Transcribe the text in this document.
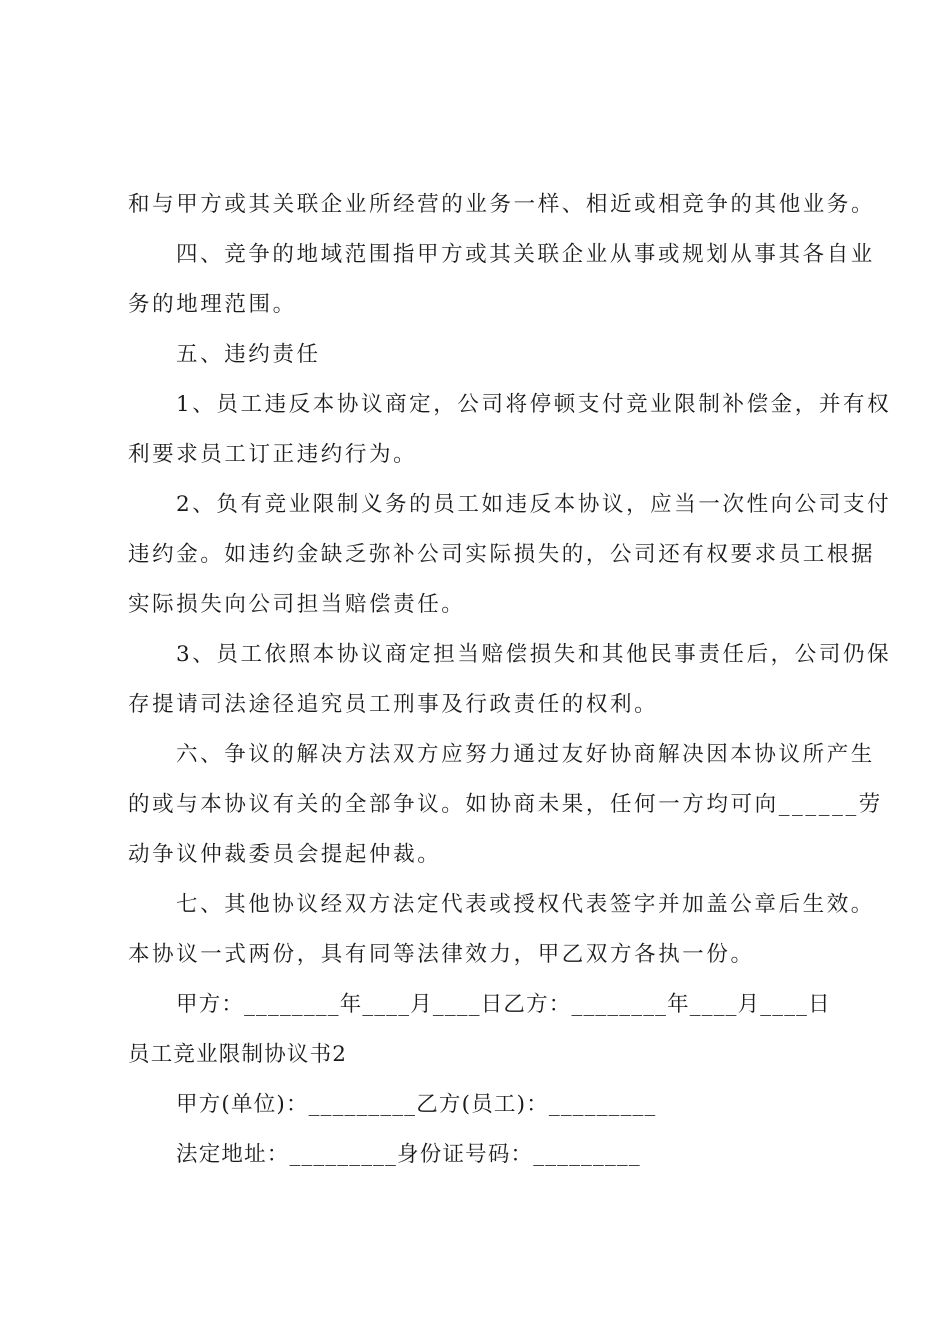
和与甲方或其关联企业所经营的业务一样、相近或相竞争的其他业务。
四、竞争的地域范围指甲方或其关联企业从事或规划从事其各自业
务的地理范围。
五、违约责任
1、员工违反本协议商定，公司将停顿支付竞业限制补偿金，并有权
利要求员工订正违约行为。
2、负有竞业限制义务的员工如违反本协议，应当一次性向公司支付
违约金。如违约金缺乏弥补公司实际损失的，公司还有权要求员工根据
实际损失向公司担当赔偿责任。
3、员工依照本协议商定担当赔偿损失和其他民事责任后，公司仍保
存提请司法途径追究员工刑事及行政责任的权利。
六、争议的解决方法双方应努力通过友好协商解决因本协议所产生
的或与本协议有关的全部争议。如协商未果，任何一方均可向______劳
动争议仲裁委员会提起仲裁。
七、其他协议经双方法定代表或授权代表签字并加盖公章后生效。
本协议一式两份，具有同等法律效力，甲乙双方各执一份。
甲方：________年____月____日乙方：________年____月____日
员工竞业限制协议书2
甲方(单位)：_________乙方(员工)：_________
法定地址：_________身份证号码：_________
